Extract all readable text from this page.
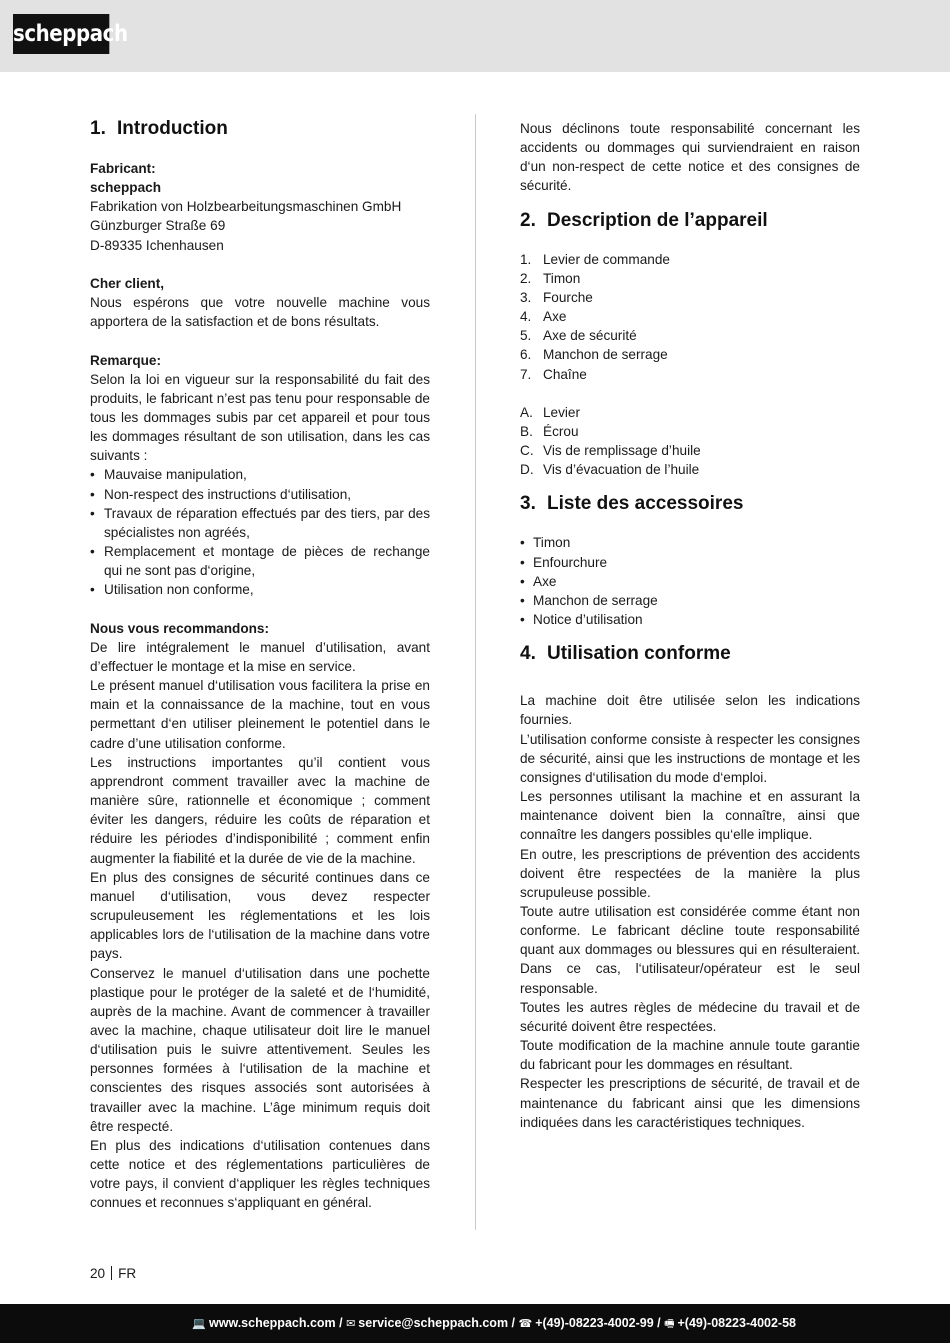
scheppach
1. Introduction
Fabricant:
scheppach
Fabrikation von Holzbearbeitungsmaschinen GmbH
Günzburger Straße 69
D-89335 Ichenhausen
Cher client,

Nous espérons que votre nouvelle machine vous apportera de la satisfaction et de bons résultats.

Remarque:

Selon la loi en vigueur sur la responsabilité du fait des produits, le fabricant n’est pas tenu pour responsable de tous les dommages subis par cet appareil et pour tous les dommages résultant de son utilisation, dans les cas suivants :

• Mauvaise manipulation,
• Non-respect des instructions d‘utilisation,
• Travaux de réparation effectués par des tiers, par des spécialistes non agréés,
• Remplacement et montage de pièces de rechange qui ne sont pas d‘origine,
• Utilisation non conforme,
Nous vous recommandons:

De lire intégralement le manuel d’utilisation, avant d’effectuer le montage et la mise en service.

Le présent manuel d‘utilisation vous facilitera la prise en main et la connaissance de la machine, tout en vous permettant d‘en utiliser pleinement le potentiel dans le cadre d’une utilisation conforme.

Les instructions importantes qu’il contient vous apprendront comment travailler avec la machine de manière sûre, rationnelle et économique ; comment éviter les dangers, réduire les coûts de réparation et réduire les périodes d’indisponibilité ; comment enfin augmenter la fiabilité et la durée de vie de la machine.

En plus des consignes de sécurité continues dans ce manuel d‘utilisation, vous devez respecter scrupuleusement les réglementations et les lois applicables lors de l‘utilisation de la machine dans votre pays.

Conservez le manuel d‘utilisation dans une pochette plastique pour le protéger de la saleté et de l‘humidité, auprès de la machine. Avant de commencer à travailler avec la machine, chaque utilisateur doit lire le manuel d‘utilisation puis le suivre attentivement. Seules les personnes formées à l‘utilisation de la machine et conscientes des risques associés sont autorisées à travailler avec la machine. L’âge minimum requis doit être respecté.

En plus des indications d‘utilisation contenues dans cette notice et des réglementations particulières de votre pays, il convient d‘appliquer les règles techniques connues et reconnues s‘appliquant en général.

Nous déclinons toute responsabilité concernant les accidents ou dommages qui surviendraient en raison d‘un non-respect de cette notice et des consignes de sécurité.

2. Description de l’appareil
1. Levier de commande
2. Timon
3. Fourche
4. Axe
5. Axe de sécurité
6. Manchon de serrage
7. Chaîne
A. Levier
B. Écrou
C. Vis de remplissage d’huile
D. Vis d’évacuation de l’huile
3. Liste des accessoires
• Timon
• Enfourchure
• Axe
• Manchon de serrage
• Notice d’utilisation
4. Utilisation conforme

La machine doit être utilisée selon les indications fournies.

L’utilisation conforme consiste à respecter les consignes de sécurité, ainsi que les instructions de montage et les consignes d‘utilisation du mode d‘emploi.

Les personnes utilisant la machine et en assurant la maintenance doivent bien la connaître, ainsi que connaître les dangers possibles qu‘elle implique.

En outre, les prescriptions de prévention des accidents doivent être respectées de la manière la plus scrupuleuse possible.

Toute autre utilisation est considérée comme étant non conforme. Le fabricant décline toute responsabilité quant aux dommages ou blessures qui en résulteraient. Dans ce cas, l‘utilisateur/opérateur est le seul responsable.

Toutes les autres règles de médecine du travail et de sécurité doivent être respectées.

Toute modification de la machine annule toute garantie du fabricant pour les dommages en résultant.

Respecter les prescriptions de sécurité, de travail et de maintenance du fabricant ainsi que les dimensions indiquées dans les caractéristiques techniques.

20 FR
💻 www.scheppach.com / ✉ service@scheppach.com / ☎ +(49)-08223-4002-99 / 🖷 +(49)-08223-4002-58
